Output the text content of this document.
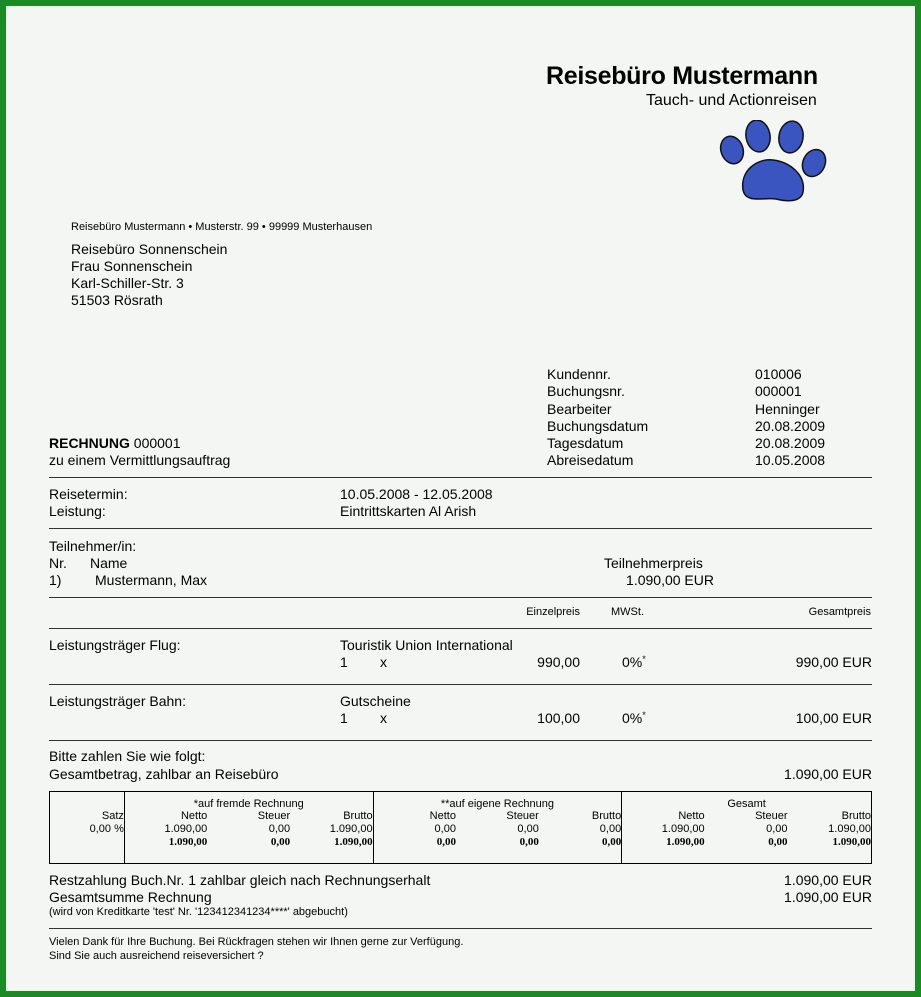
Reisebüro Mustermann
Tauch- und Actionreisen
Reisebüro Mustermann • Musterstr. 99 • 99999 Musterhausen
Reisebüro Sonnenschein
Frau Sonnenschein
Karl-Schiller-Str. 3
51503 Rösrath
Kundennr.	010006
Buchungsnr.	000001
Bearbeiter	Henninger
Buchungsdatum	20.08.2009
Tagesdatum	20.08.2009
Abreisedatum	10.05.2008
RECHNUNG 000001
zu einem Vermittlungsauftrag
Reisetermin:	10.05.2008 - 12.05.2008
Leistung:	Eintrittskarten Al Arish
Teilnehmer/in:
Nr. Name	Teilnehmerpreis
1) Mustermann, Max	1.090,00 EUR
Einzelpreis	MWSt.	Gesamtpreis
Leistungsträger Flug:	Touristik Union International
1 x	990,00	0%*	990,00 EUR
Leistungsträger Bahn:	Gutscheine
1 x	100,00	0%*	100,00 EUR
Bitte zahlen Sie wie folgt:
Gesamtbetrag, zahlbar an Reisebüro	1.090,00 EUR
	*auf fremde Rechnung			**auf eigene Rechnung			Gesamt		
Satz	Netto	Steuer	Brutto	Netto	Steuer	Brutto	Netto	Steuer	Brutto
0,00 %	1.090,00	0,00	1.090,00	0,00	0,00	0,00	1.090,00	0,00	1.090,00
	1.090,00	0,00	1.090,00	0,00	0,00	0,00	1.090,00	0,00	1.090,00
Restzahlung Buch.Nr. 1 zahlbar gleich nach Rechnungserhalt	1.090,00 EUR
Gesamtsumme Rechnung	1.090,00 EUR
(wird von Kreditkarte 'test' Nr. '123412341234****' abgebucht)
Vielen Dank für Ihre Buchung. Bei Rückfragen stehen wir Ihnen gerne zur Verfügung.
Sind Sie auch ausreichend reiseversichert ?
